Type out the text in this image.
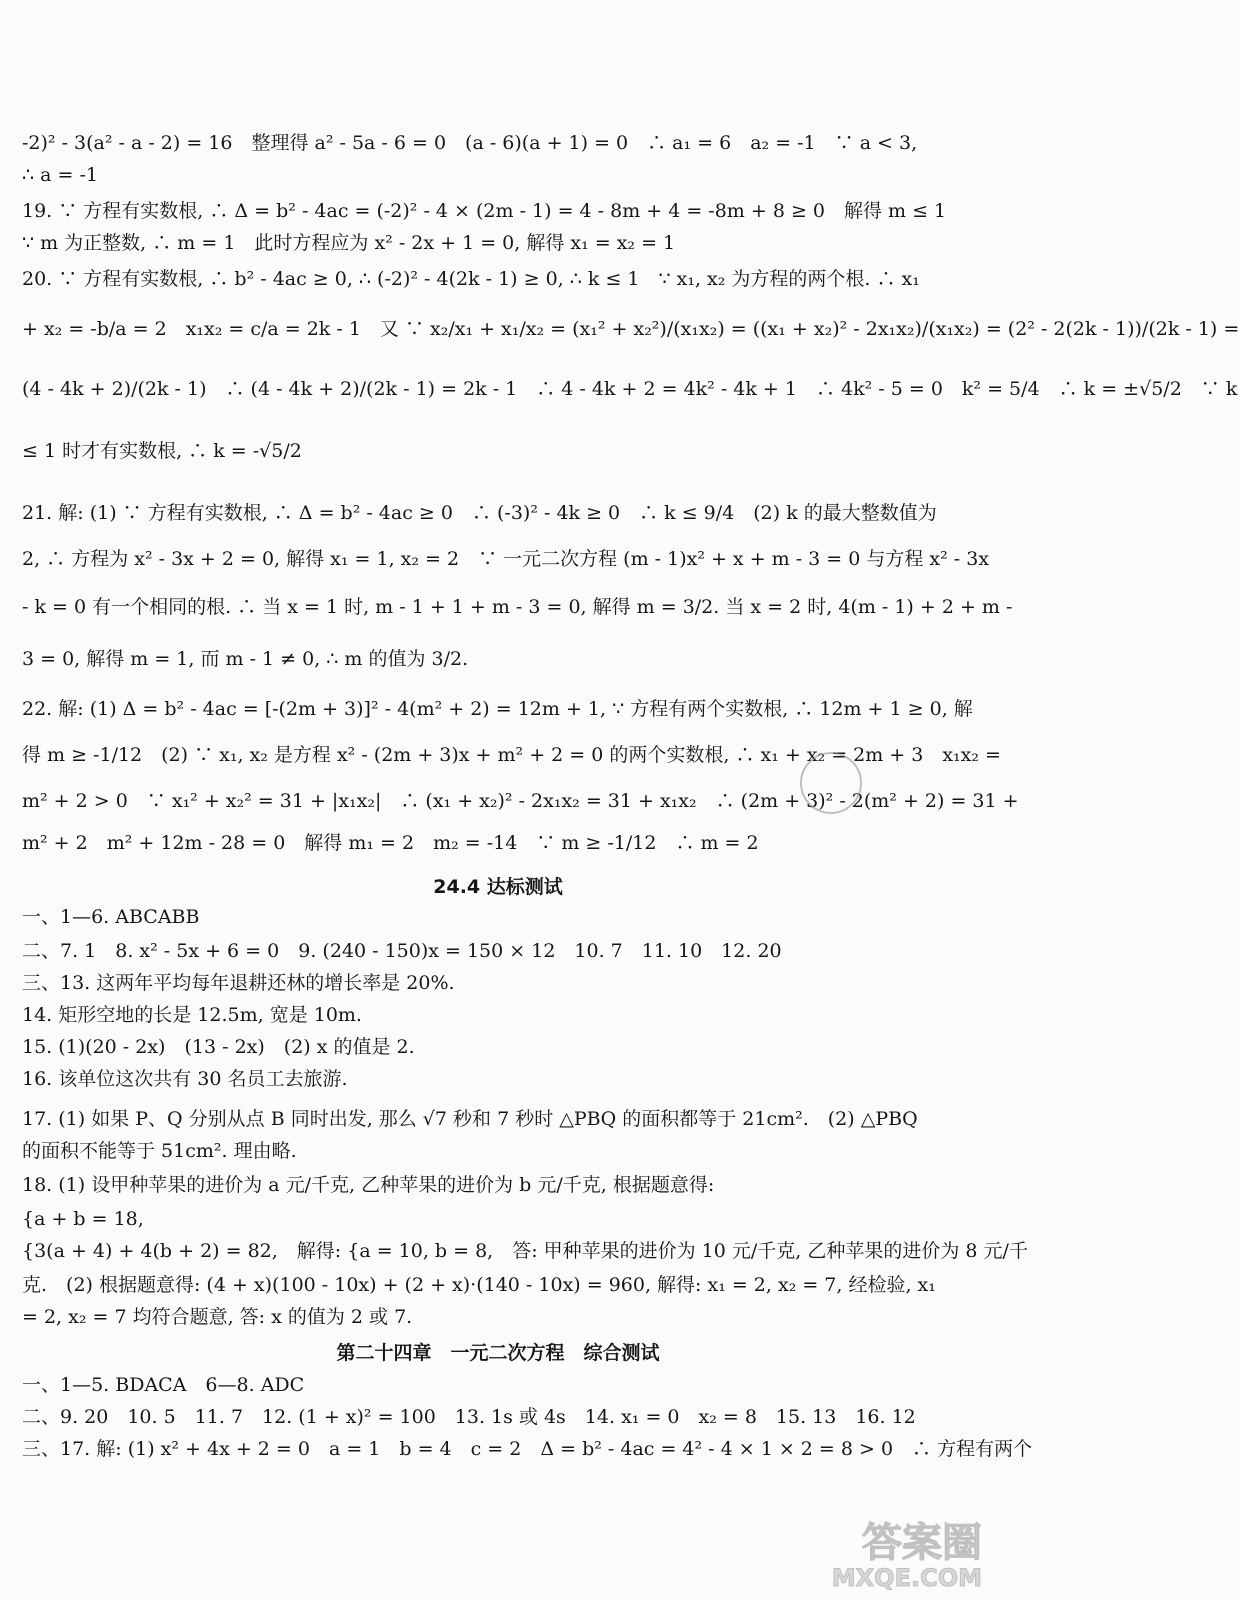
-2)² - 3(a² - a - 2) = 16　整理得 a² - 5a - 6 = 0　(a - 6)(a + 1) = 0　∴ a₁ = 6　a₂ = -1　∵ a < 3,
∴ a = -1
19. ∵ 方程有实数根, ∴ Δ = b² - 4ac = (-2)² - 4 × (2m - 1) = 4 - 8m + 4 = -8m + 8 ≥ 0　解得 m ≤ 1
∵ m 为正整数, ∴ m = 1　此时方程应为 x² - 2x + 1 = 0, 解得 x₁ = x₂ = 1
20. ∵ 方程有实数根, ∴ b² - 4ac ≥ 0, ∴ (-2)² - 4(2k - 1) ≥ 0, ∴ k ≤ 1　∵ x₁, x₂ 为方程的两个根. ∴ x₁
+ x₂ = -b/a = 2　x₁x₂ = c/a = 2k - 1　又 ∵ x₂/x₁ + x₁/x₂ = (x₁² + x₂²)/(x₁x₂) = ((x₁ + x₂)² - 2x₁x₂)/(x₁x₂) = (2² - 2(2k - 1))/(2k - 1) =
(4 - 4k + 2)/(2k - 1)　∴ (4 - 4k + 2)/(2k - 1) = 2k - 1　∴ 4 - 4k + 2 = 4k² - 4k + 1　∴ 4k² - 5 = 0　k² = 5/4　∴ k = ±√5/2　∵ k
≤ 1 时才有实数根, ∴ k = -√5/2
21. 解: (1) ∵ 方程有实数根, ∴ Δ = b² - 4ac ≥ 0　∴ (-3)² - 4k ≥ 0　∴ k ≤ 9/4　(2) k 的最大整数值为
2, ∴ 方程为 x² - 3x + 2 = 0, 解得 x₁ = 1, x₂ = 2　∵ 一元二次方程 (m - 1)x² + x + m - 3 = 0 与方程 x² - 3x
- k = 0 有一个相同的根. ∴ 当 x = 1 时, m - 1 + 1 + m - 3 = 0, 解得 m = 3/2. 当 x = 2 时, 4(m - 1) + 2 + m -
3 = 0, 解得 m = 1, 而 m - 1 ≠ 0, ∴ m 的值为 3/2.
22. 解: (1) Δ = b² - 4ac = [-(2m + 3)]² - 4(m² + 2) = 12m + 1, ∵ 方程有两个实数根, ∴ 12m + 1 ≥ 0, 解
得 m ≥ -1/12　(2) ∵ x₁, x₂ 是方程 x² - (2m + 3)x + m² + 2 = 0 的两个实数根, ∴ x₁ + x₂ = 2m + 3　x₁x₂ =
m² + 2 > 0　∵ x₁² + x₂² = 31 + |x₁x₂|　∴ (x₁ + x₂)² - 2x₁x₂ = 31 + x₁x₂　∴ (2m + 3)² - 2(m² + 2) = 31 +
m² + 2　m² + 12m - 28 = 0　解得 m₁ = 2　m₂ = -14　∵ m ≥ -1/12　∴ m = 2
24.4 达标测试
一、1—6. ABCABB
二、7. 1　8. x² - 5x + 6 = 0　9. (240 - 150)x = 150 × 12　10. 7　11. 10　12. 20
三、13. 这两年平均每年退耕还林的增长率是 20%.
14. 矩形空地的长是 12.5m, 宽是 10m.
15. (1)(20 - 2x)　(13 - 2x)　(2) x 的值是 2.
16. 该单位这次共有 30 名员工去旅游.
17. (1) 如果 P、Q 分别从点 B 同时出发, 那么 √7 秒和 7 秒时 △PBQ 的面积都等于 21cm².　(2) △PBQ
的面积不能等于 51cm². 理由略.
18. (1) 设甲种苹果的进价为 a 元/千克, 乙种苹果的进价为 b 元/千克, 根据题意得:
{a + b = 18,
{3(a + 4) + 4(b + 2) = 82,　解得: {a = 10, b = 8,　答: 甲种苹果的进价为 10 元/千克, 乙种苹果的进价为 8 元/千
克.　(2) 根据题意得: (4 + x)(100 - 10x) + (2 + x)·(140 - 10x) = 960, 解得: x₁ = 2, x₂ = 7, 经检验, x₁
= 2, x₂ = 7 均符合题意, 答: x 的值为 2 或 7.
第二十四章　一元二次方程　综合测试
一、1—5. BDACA　6—8. ADC
二、9. 20　10. 5　11. 7　12. (1 + x)² = 100　13. 1s 或 4s　14. x₁ = 0　x₂ = 8　15. 13　16. 12
三、17. 解: (1) x² + 4x + 2 = 0　a = 1　b = 4　c = 2　Δ = b² - 4ac = 4² - 4 × 1 × 2 = 8 > 0　∴ 方程有两个
答案圈
MXQE.COM
